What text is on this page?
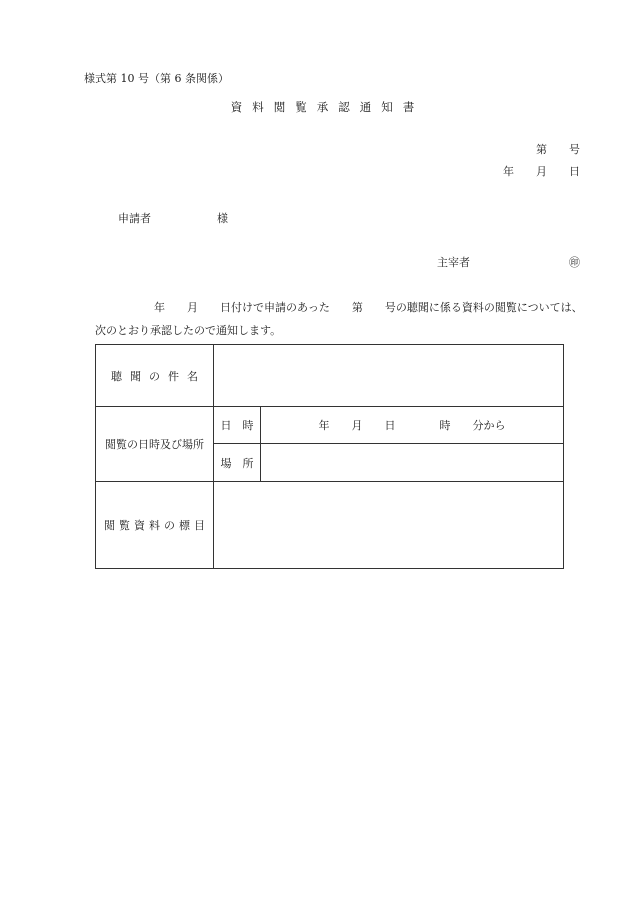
様式第 10 号（第 6 条関係）
資料閲覧承認通知書
第　　号
年　　月　　日
申請者　　　　　　様
主宰者　　　　　　　　　㊞
年　　月　　日付けで申請のあった　　第　　号の聴聞に係る資料の閲覧については、
次のとおり承認したので通知します。
聴聞の件名		
閲覧の日時及び場所	日　時	年　　月　　日　　　　時　　分から
	場　所	
閲覧資料の標目		
